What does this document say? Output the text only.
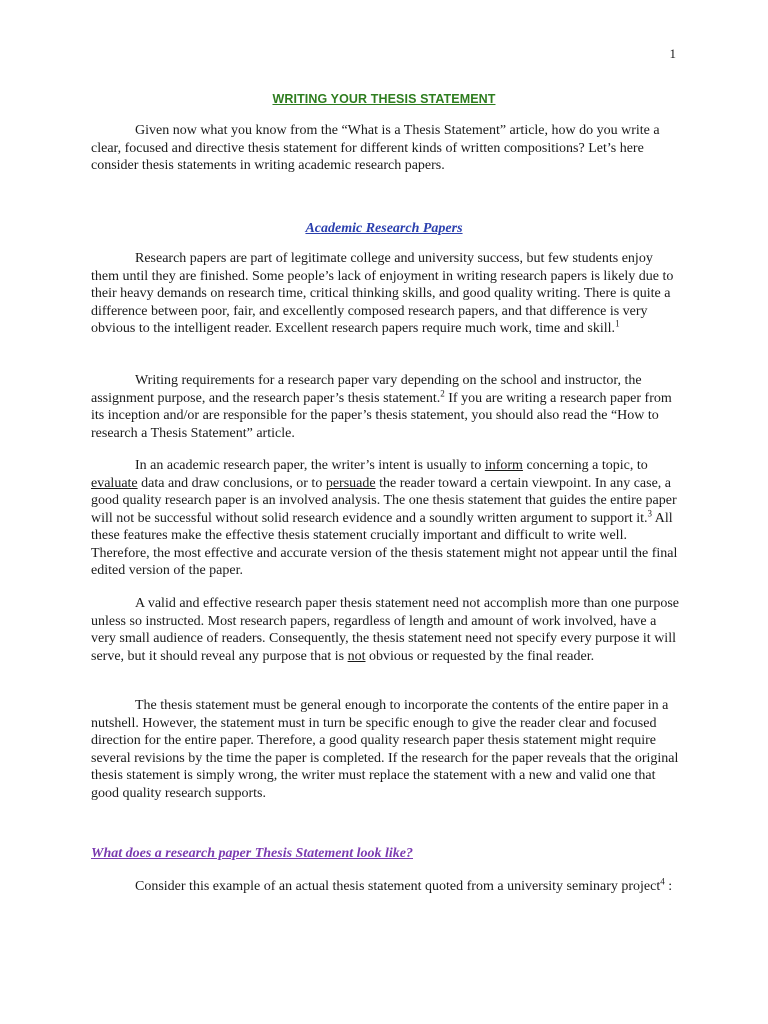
1
WRITING YOUR THESIS STATEMENT

Given now what you know from the “What is a Thesis Statement” article, how do you write a clear, focused and directive thesis statement for different kinds of written compositions? Let’s here consider thesis statements in writing academic research papers.

Academic Research Papers

Research papers are part of legitimate college and university success, but few students enjoy them until they are finished. Some people’s lack of enjoyment in writing research papers is likely due to their heavy demands on research time, critical thinking skills, and good quality writing. There is quite a difference between poor, fair, and excellently composed research papers, and that difference is very obvious to the intelligent reader. Excellent research papers require much work, time and skill.$^1$

Writing requirements for a research paper vary depending on the school and instructor, the assignment purpose, and the research paper’s thesis statement.$^2$ If you are writing a research paper from its inception and/or are responsible for the paper’s thesis statement, you should also read the “How to research a Thesis Statement” article.

In an academic research paper, the writer’s intent is usually to inform concerning a topic, to evaluate data and draw conclusions, or to persuade the reader toward a certain viewpoint. In any case, a good quality research paper is an involved analysis. The one thesis statement that guides the entire paper will not be successful without solid research evidence and a soundly written argument to support it.$^3$ All these features make the effective thesis statement crucially important and difficult to write well. Therefore, the most effective and accurate version of the thesis statement might not appear until the final edited version of the paper.

A valid and effective research paper thesis statement need not accomplish more than one purpose unless so instructed. Most research papers, regardless of length and amount of work involved, have a very small audience of readers. Consequently, the thesis statement need not specify every purpose it will serve, but it should reveal any purpose that is not obvious or requested by the final reader.

The thesis statement must be general enough to incorporate the contents of the entire paper in a nutshell. However, the statement must in turn be specific enough to give the reader clear and focused direction for the entire paper. Therefore, a good quality research paper thesis statement might require several revisions by the time the paper is completed. If the research for the paper reveals that the original thesis statement is simply wrong, the writer must replace the statement with a new and valid one that good quality research supports.

What does a research paper Thesis Statement look like?

Consider this example of an actual thesis statement quoted from a university seminary project$^4$ :
